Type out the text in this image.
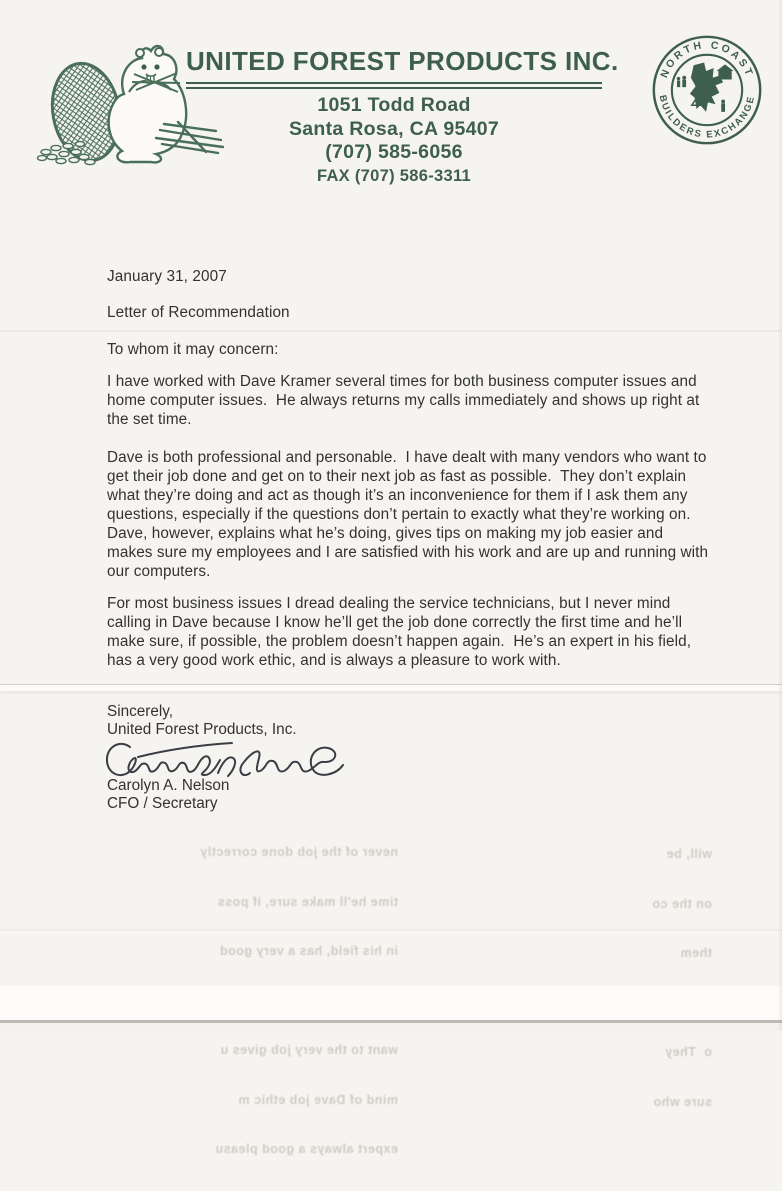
UNITED FOREST PRODUCTS INC.
1051 Todd Road
Santa Rosa, CA 95407
(707) 585-6056
FAX (707) 586-3311
NORTH COAST
BUILDERS EXCHANGE
January 31, 2007
Letter of Recommendation
To whom it may concern:
I have worked with Dave Kramer several times for both business computer issues and home computer issues.  He always returns my calls immediately and shows up right at the set time.
Dave is both professional and personable.  I have dealt with many vendors who want to get their job done and get on to their next job as fast as possible.  They don’t explain what they’re doing and act as though it’s an inconvenience for them if I ask them any questions, especially if the questions don’t pertain to exactly what they’re working on.  Dave, however, explains what he’s doing, gives tips on making my job easier and makes sure my employees and I are satisfied with his work and are up and running with our computers.
For most business issues I dread dealing the service technicians, but I never mind calling in Dave because I know he’ll get the job done correctly the first time and he’ll make sure, if possible, the problem doesn’t happen again.  He’s an expert in his field, has a very good work ethic, and is always a pleasure to work with.
Sincerely,
United Forest Products, Inc.
Carolyn A. Nelson
CFO / Secretary

never of the job done correctly

time he'll make sure, if poss

in his field, has a very good

want to the very job gives u

mind of Dave job ethic m

expert always a good pleasu

will, be

on the co

them

o  They

sure who
